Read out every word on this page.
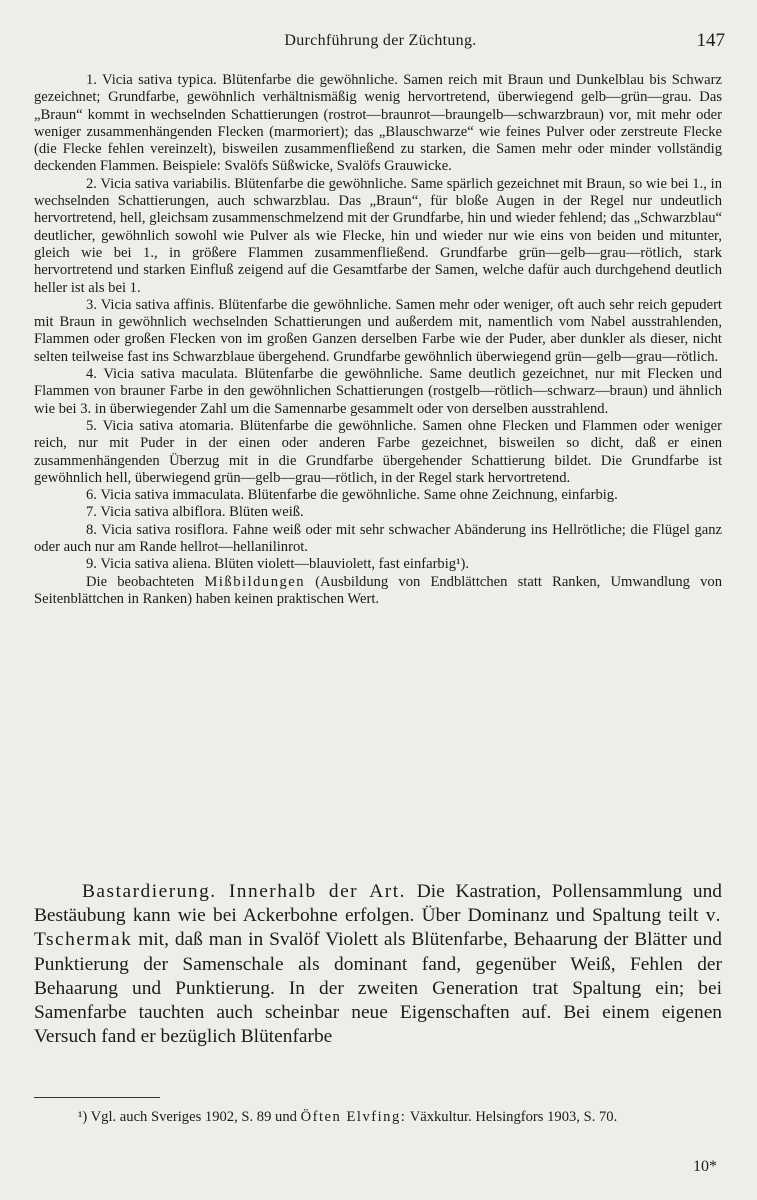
Durchführung der Züchtung.	147

1. Vicia sativa typica. Blütenfarbe die gewöhnliche. Samen reich mit Braun und Dunkelblau bis Schwarz gezeichnet; Grundfarbe, gewöhnlich verhältnismäßig wenig hervortretend, überwiegend gelb—grün—grau. Das „Braun“ kommt in wechselnden Schattierungen (rostrot—braunrot—braungelb—schwarzbraun) vor, mit mehr oder weniger zusammenhängenden Flecken (marmoriert); das „Blauschwarze“ wie feines Pulver oder zerstreute Flecke (die Flecke fehlen vereinzelt), bisweilen zusammenfließend zu starken, die Samen mehr oder minder vollständig deckenden Flammen. Beispiele: Svalöfs Süßwicke, Svalöfs Grauwicke.

2. Vicia sativa variabilis. Blütenfarbe die gewöhnliche. Same spärlich gezeichnet mit Braun, so wie bei 1., in wechselnden Schattierungen, auch schwarzblau. Das „Braun“, für bloße Augen in der Regel nur undeutlich hervortretend, hell, gleichsam zusammenschmelzend mit der Grundfarbe, hin und wieder fehlend; das „Schwarzblau“ deutlicher, gewöhnlich sowohl wie Pulver als wie Flecke, hin und wieder nur wie eins von beiden und mitunter, gleich wie bei 1., in größere Flammen zusammenfließend. Grundfarbe grün—gelb—grau—rötlich, stark hervortretend und starken Einfluß zeigend auf die Gesamtfarbe der Samen, welche dafür auch durchgehend deutlich heller ist als bei 1.

3. Vicia sativa affinis. Blütenfarbe die gewöhnliche. Samen mehr oder weniger, oft auch sehr reich gepudert mit Braun in gewöhnlich wechselnden Schattierungen und außerdem mit, namentlich vom Nabel ausstrahlenden, Flammen oder großen Flecken von im großen Ganzen derselben Farbe wie der Puder, aber dunkler als dieser, nicht selten teilweise fast ins Schwarzblaue übergehend. Grundfarbe gewöhnlich überwiegend grün—gelb—grau—rötlich.

4. Vicia sativa maculata. Blütenfarbe die gewöhnliche. Same deutlich gezeichnet, nur mit Flecken und Flammen von brauner Farbe in den gewöhnlichen Schattierungen (rostgelb—rötlich—schwarz—braun) und ähnlich wie bei 3. in überwiegender Zahl um die Samennarbe gesammelt oder von derselben ausstrahlend.

5. Vicia sativa atomaria. Blütenfarbe die gewöhnliche. Samen ohne Flecken und Flammen oder weniger reich, nur mit Puder in der einen oder anderen Farbe gezeichnet, bisweilen so dicht, daß er einen zusammenhängenden Überzug mit in die Grundfarbe übergehender Schattierung bildet. Die Grundfarbe ist gewöhnlich hell, überwiegend grün—gelb—grau—rötlich, in der Regel stark hervortretend.

6. Vicia sativa immaculata. Blütenfarbe die gewöhnliche. Same ohne Zeichnung, einfarbig.

7. Vicia sativa albiflora. Blüten weiß.

8. Vicia sativa rosiflora. Fahne weiß oder mit sehr schwacher Abänderung ins Hellrötliche; die Flügel ganz oder auch nur am Rande hellrot—hellanilinrot.

9. Vicia sativa aliena. Blüten violett—blauviolett, fast einfarbig¹).

Die beobachteten Mißbildungen (Ausbildung von Endblättchen statt Ranken, Umwandlung von Seitenblättchen in Ranken) haben keinen praktischen Wert.

Bastardierung. Innerhalb der Art. Die Kastration, Pollensammlung und Bestäubung kann wie bei Ackerbohne erfolgen. Über Dominanz und Spaltung teilt v. Tschermak mit, daß man in Svalöf Violett als Blütenfarbe, Behaarung der Blätter und Punktierung der Samenschale als dominant fand, gegenüber Weiß, Fehlen der Behaarung und Punktierung. In der zweiten Generation trat Spaltung ein; bei Samenfarbe tauchten auch scheinbar neue Eigenschaften auf. Bei einem eigenen Versuch fand er bezüglich Blütenfarbe

¹) Vgl. auch Sveriges 1902, S. 89 und Öften Elvfing: Växkultur. Helsingfors 1903, S. 70.

10*
